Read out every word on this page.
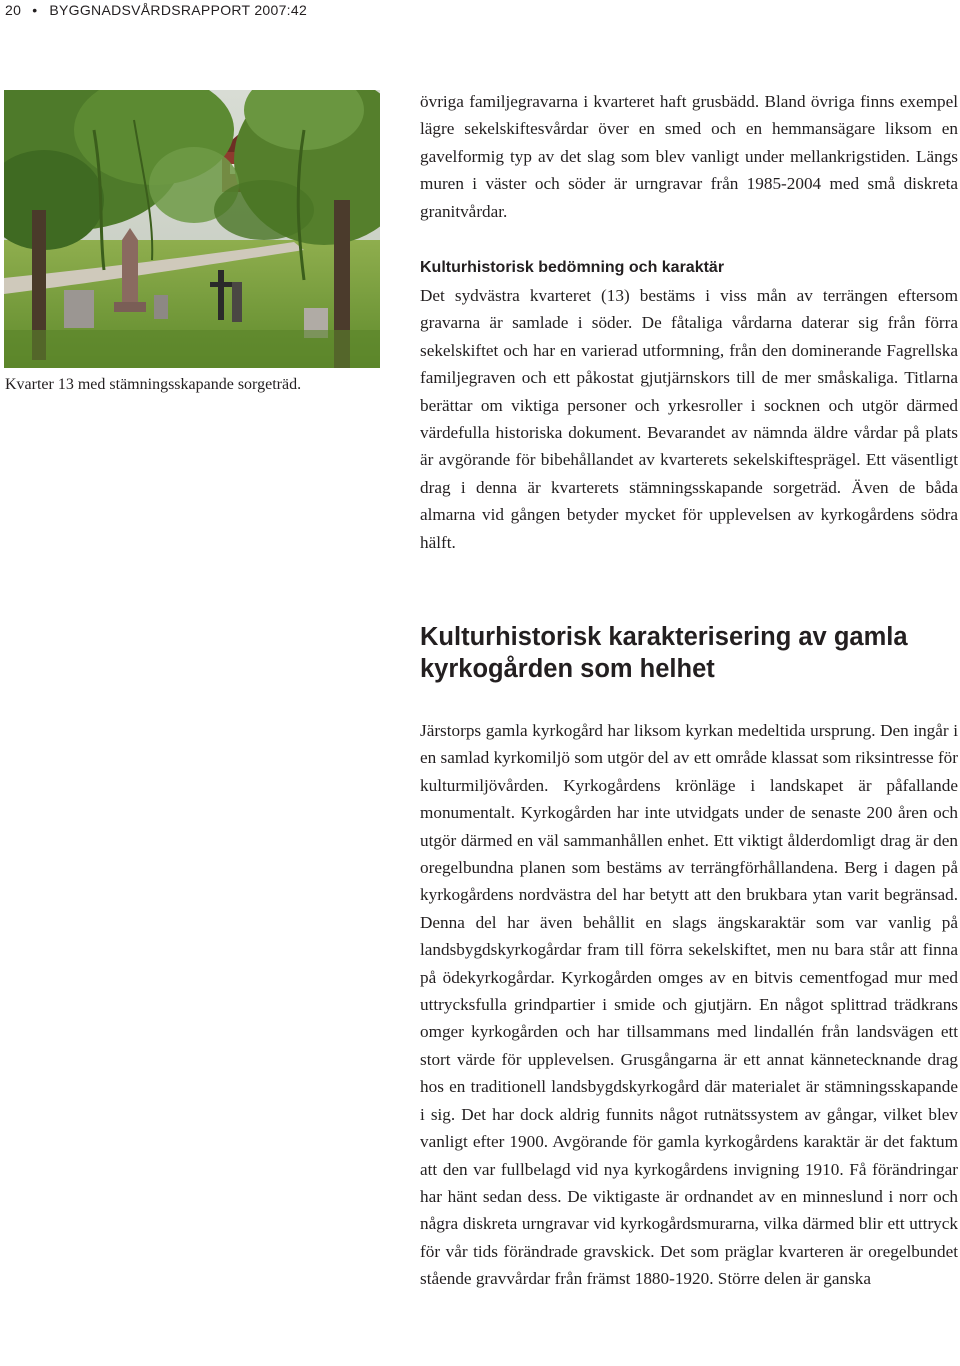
20 • BYGGNADSVÅRDSRAPPORT 2007:42
Kvarter 13 med stämningsskapande sorgeträd.

övriga familjegravarna i kvarteret haft grusbädd. Bland övriga finns exempel lägre sekelskiftesvårdar över en smed och en hemmansägare liksom en gavelformig typ av det slag som blev vanligt under mellankrigstiden. Längs muren i väster och söder är urngravar från 1985-2004 med små diskreta granitvårdar.

Kulturhistorisk bedömning och karaktär

Det sydvästra kvarteret (13) bestäms i viss mån av terrängen eftersom gravarna är samlade i söder. De fåtaliga vårdarna daterar sig från förra sekelskiftet och har en varierad utformning, från den dominerande Fagrellska familjegraven och ett påkostat gjutjärnskors till de mer småskaliga. Titlarna berättar om viktiga personer och yrkesroller i socknen och utgör därmed värdefulla historiska dokument. Bevarandet av nämnda äldre vårdar på plats är avgörande för bibehållandet av kvarterets sekelskiftesprägel. Ett väsentligt drag i denna är kvarterets stämningsskapande sorgeträd. Även de båda almarna vid gången betyder mycket för upplevelsen av kyrkogårdens södra hälft.

Kulturhistorisk karakterisering av gamla
kyrkogården som helhet

Järstorps gamla kyrkogård har liksom kyrkan medeltida ursprung. Den ingår i en samlad kyrkomiljö som utgör del av ett område klassat som riksintresse för kulturmiljövården. Kyrkogårdens krönläge i landskapet är påfallande monumentalt. Kyrkogården har inte utvidgats under de senaste 200 åren och utgör därmed en väl sammanhållen enhet. Ett viktigt ålderdomligt drag är den oregelbundna planen som bestäms av terrängförhållandena. Berg i dagen på kyrkogårdens nordvästra del har betytt att den brukbara ytan varit begränsad. Denna del har även behållit en slags ängskaraktär som var vanlig på landsbygdskyrkogårdar fram till förra sekelskiftet, men nu bara står att finna på ödekyrkogårdar. Kyrkogården omges av en bitvis cementfogad mur med uttrycksfulla grindpartier i smide och gjutjärn. En något splittrad trädkrans omger kyrkogården och har tillsammans med lindallén från landsvägen ett stort värde för upplevelsen. Grusgångarna är ett annat kännetecknande drag hos en traditionell landsbygdskyrkogård där materialet är stämningsskapande i sig. Det har dock aldrig funnits något rutnätssystem av gångar, vilket blev vanligt efter 1900. Avgörande för gamla kyrkogårdens karaktär är det faktum att den var fullbelagd vid nya kyrkogårdens invigning 1910. Få förändringar har hänt sedan dess. De viktigaste är ordnandet av en minneslund i norr och några diskreta urngravar vid kyrkogårdsmurarna, vilka därmed blir ett uttryck för vår tids förändrade gravskick. Det som präglar kvarteren är oregelbundet stående gravvårdar från främst 1880-1920. Större delen är ganska
